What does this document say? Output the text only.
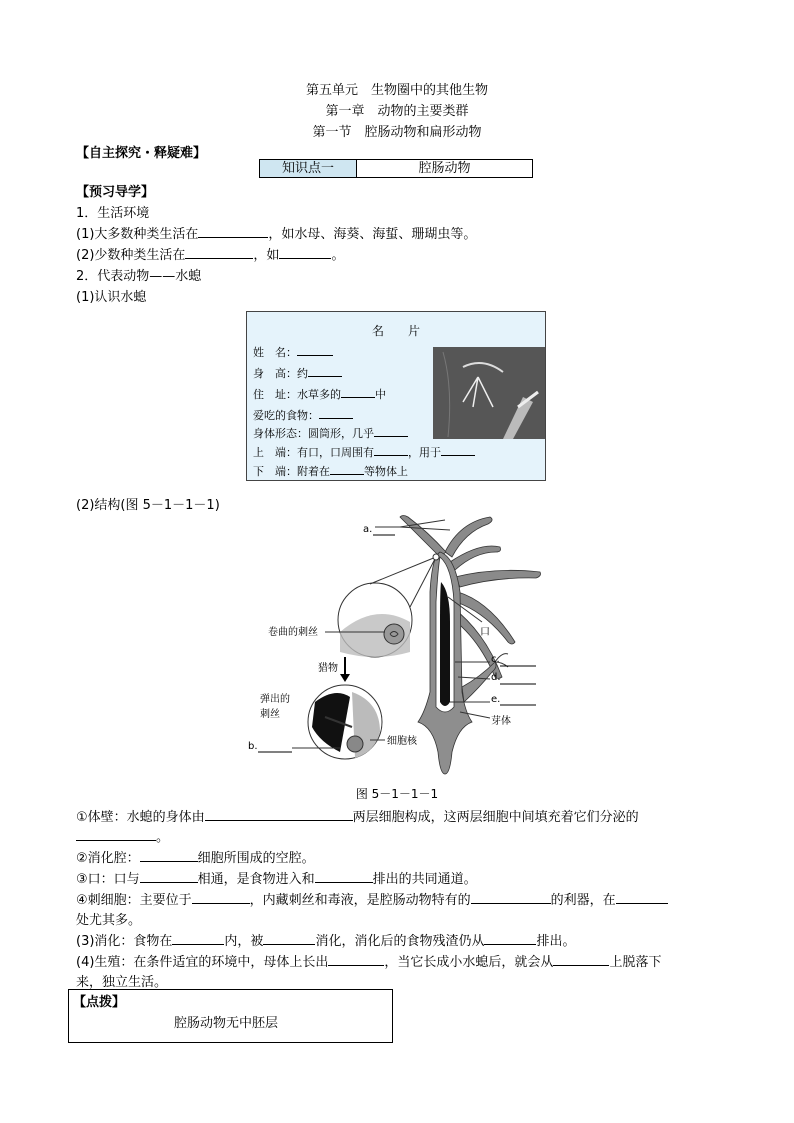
第五单元　生物圈中的其他生物
第一章　动物的主要类群
第一节　腔肠动物和扁形动物
【自主探究・释疑难】
知识点一	腔肠动物
【预习导学】
1．生活环境
(1)大多数种类生活在	，如水母、海葵、海蜇、珊瑚虫等。
(2)少数种类生活在	，如	。
2．代表动物——水螅
(1)认识水螅
名　　片
姓　名：
身　高：约
住　址：水草多的	中
爱吃的食物：
身体形态：圆筒形，几乎
上　端：有口，口周围有	，用于
下　端：附着在	等物体上
(2)结构(图 5－1－1－1)
a.
卷曲的刺丝	口
猎物
c.
d.
弹出的
刺丝
e.
芽体
b.	细胞核
图 5－1－1－1
①体壁：水螅的身体由	两层细胞构成，这两层细胞中间填充着它们分泌的
。
②消化腔：	细胞所围成的空腔。
③口：口与	相通，是食物进入和	排出的共同通道。
④刺细胞：主要位于	，内藏刺丝和毒液，是腔肠动物特有的	的利器，在
处尤其多。
(3)消化：食物在	内，被	消化，消化后的食物残渣仍从	排出。
(4)生殖：在条件适宜的环境中，母体上长出	，当它长成小水螅后，就会从	上脱落下
来，独立生活。
【点拨】
腔肠动物无中胚层
